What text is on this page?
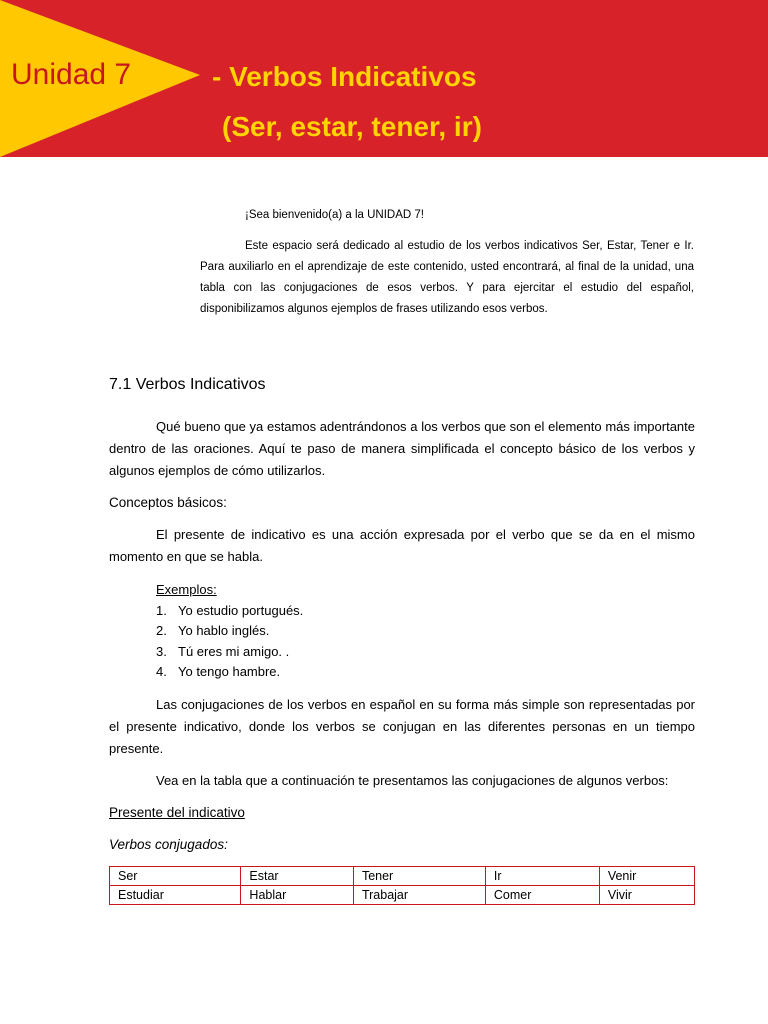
Unidad 7	- Verbos Indicativos
(Ser, estar, tener, ir)

¡Sea bienvenido(a) a la UNIDAD 7!

Este espacio será dedicado al estudio de los verbos indicativos Ser, Estar, Tener e Ir. Para auxiliarlo en el aprendizaje de este contenido, usted encontrará, al final de la unidad, una tabla con las conjugaciones de esos verbos. Y para ejercitar el estudio del español, disponibilizamos algunos ejemplos de frases utilizando esos verbos.

7.1 Verbos Indicativos

Qué bueno que ya estamos adentrándonos a los verbos que son el elemento más importante dentro de las oraciones. Aquí te paso de manera simplificada el concepto básico de los verbos y algunos ejemplos de cómo utilizarlos.

Conceptos básicos:

El presente de indicativo es una acción expresada por el verbo que se da en el mismo momento en que se habla.

Exemplos:
1. Yo estudio portugués.
2. Yo hablo inglés.
3. Tú eres mi amigo. .
4. Yo tengo hambre.

Las conjugaciones de los verbos en español en su forma más simple son representadas por el presente indicativo, donde los verbos se conjugan en las diferentes personas en un tiempo presente.

Vea en la tabla que a continuación te presentamos las conjugaciones de algunos verbos:

Presente del indicativo

Verbos conjugados:

Ser	Estar	Tener	Ir	Venir
Estudiar	Hablar	Trabajar	Comer	Vivir
